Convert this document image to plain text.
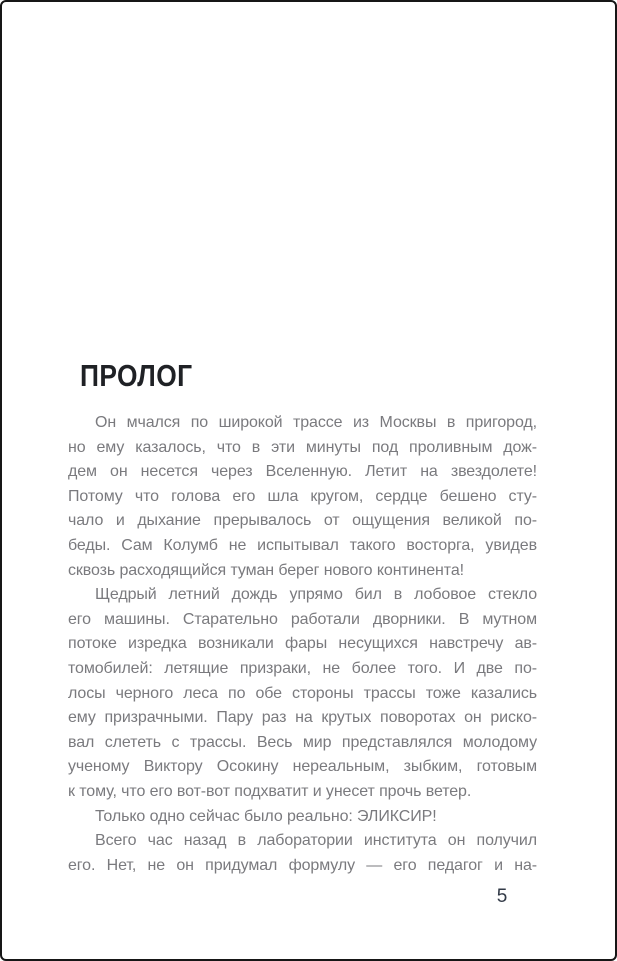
ПРОЛОГ
Он мчался по широкой трассе из Москвы в пригород,
но ему казалось, что в эти минуты под проливным дож-
дем он несется через Вселенную. Летит на звездолете!
Потому что голова его шла кругом, сердце бешено сту-
чало и дыхание прерывалось от ощущения великой по-
беды. Сам Колумб не испытывал такого восторга, увидев
сквозь расходящийся туман берег нового континента!
Щедрый летний дождь упрямо бил в лобовое стекло
его машины. Старательно работали дворники. В мутном
потоке изредка возникали фары несущихся навстречу ав-
томобилей: летящие призраки, не более того. И две по-
лосы черного леса по обе стороны трассы тоже казались
ему призрачными. Пару раз на крутых поворотах он риско-
вал слететь с трассы. Весь мир представлялся молодому
ученому Виктору Осокину нереальным, зыбким, готовым
к тому, что его вот-вот подхватит и унесет прочь ветер.
Только одно сейчас было реально: ЭЛИКСИР!
Всего час назад в лаборатории института он получил
его. Нет, не он придумал формулу — его педагог и на-
5
